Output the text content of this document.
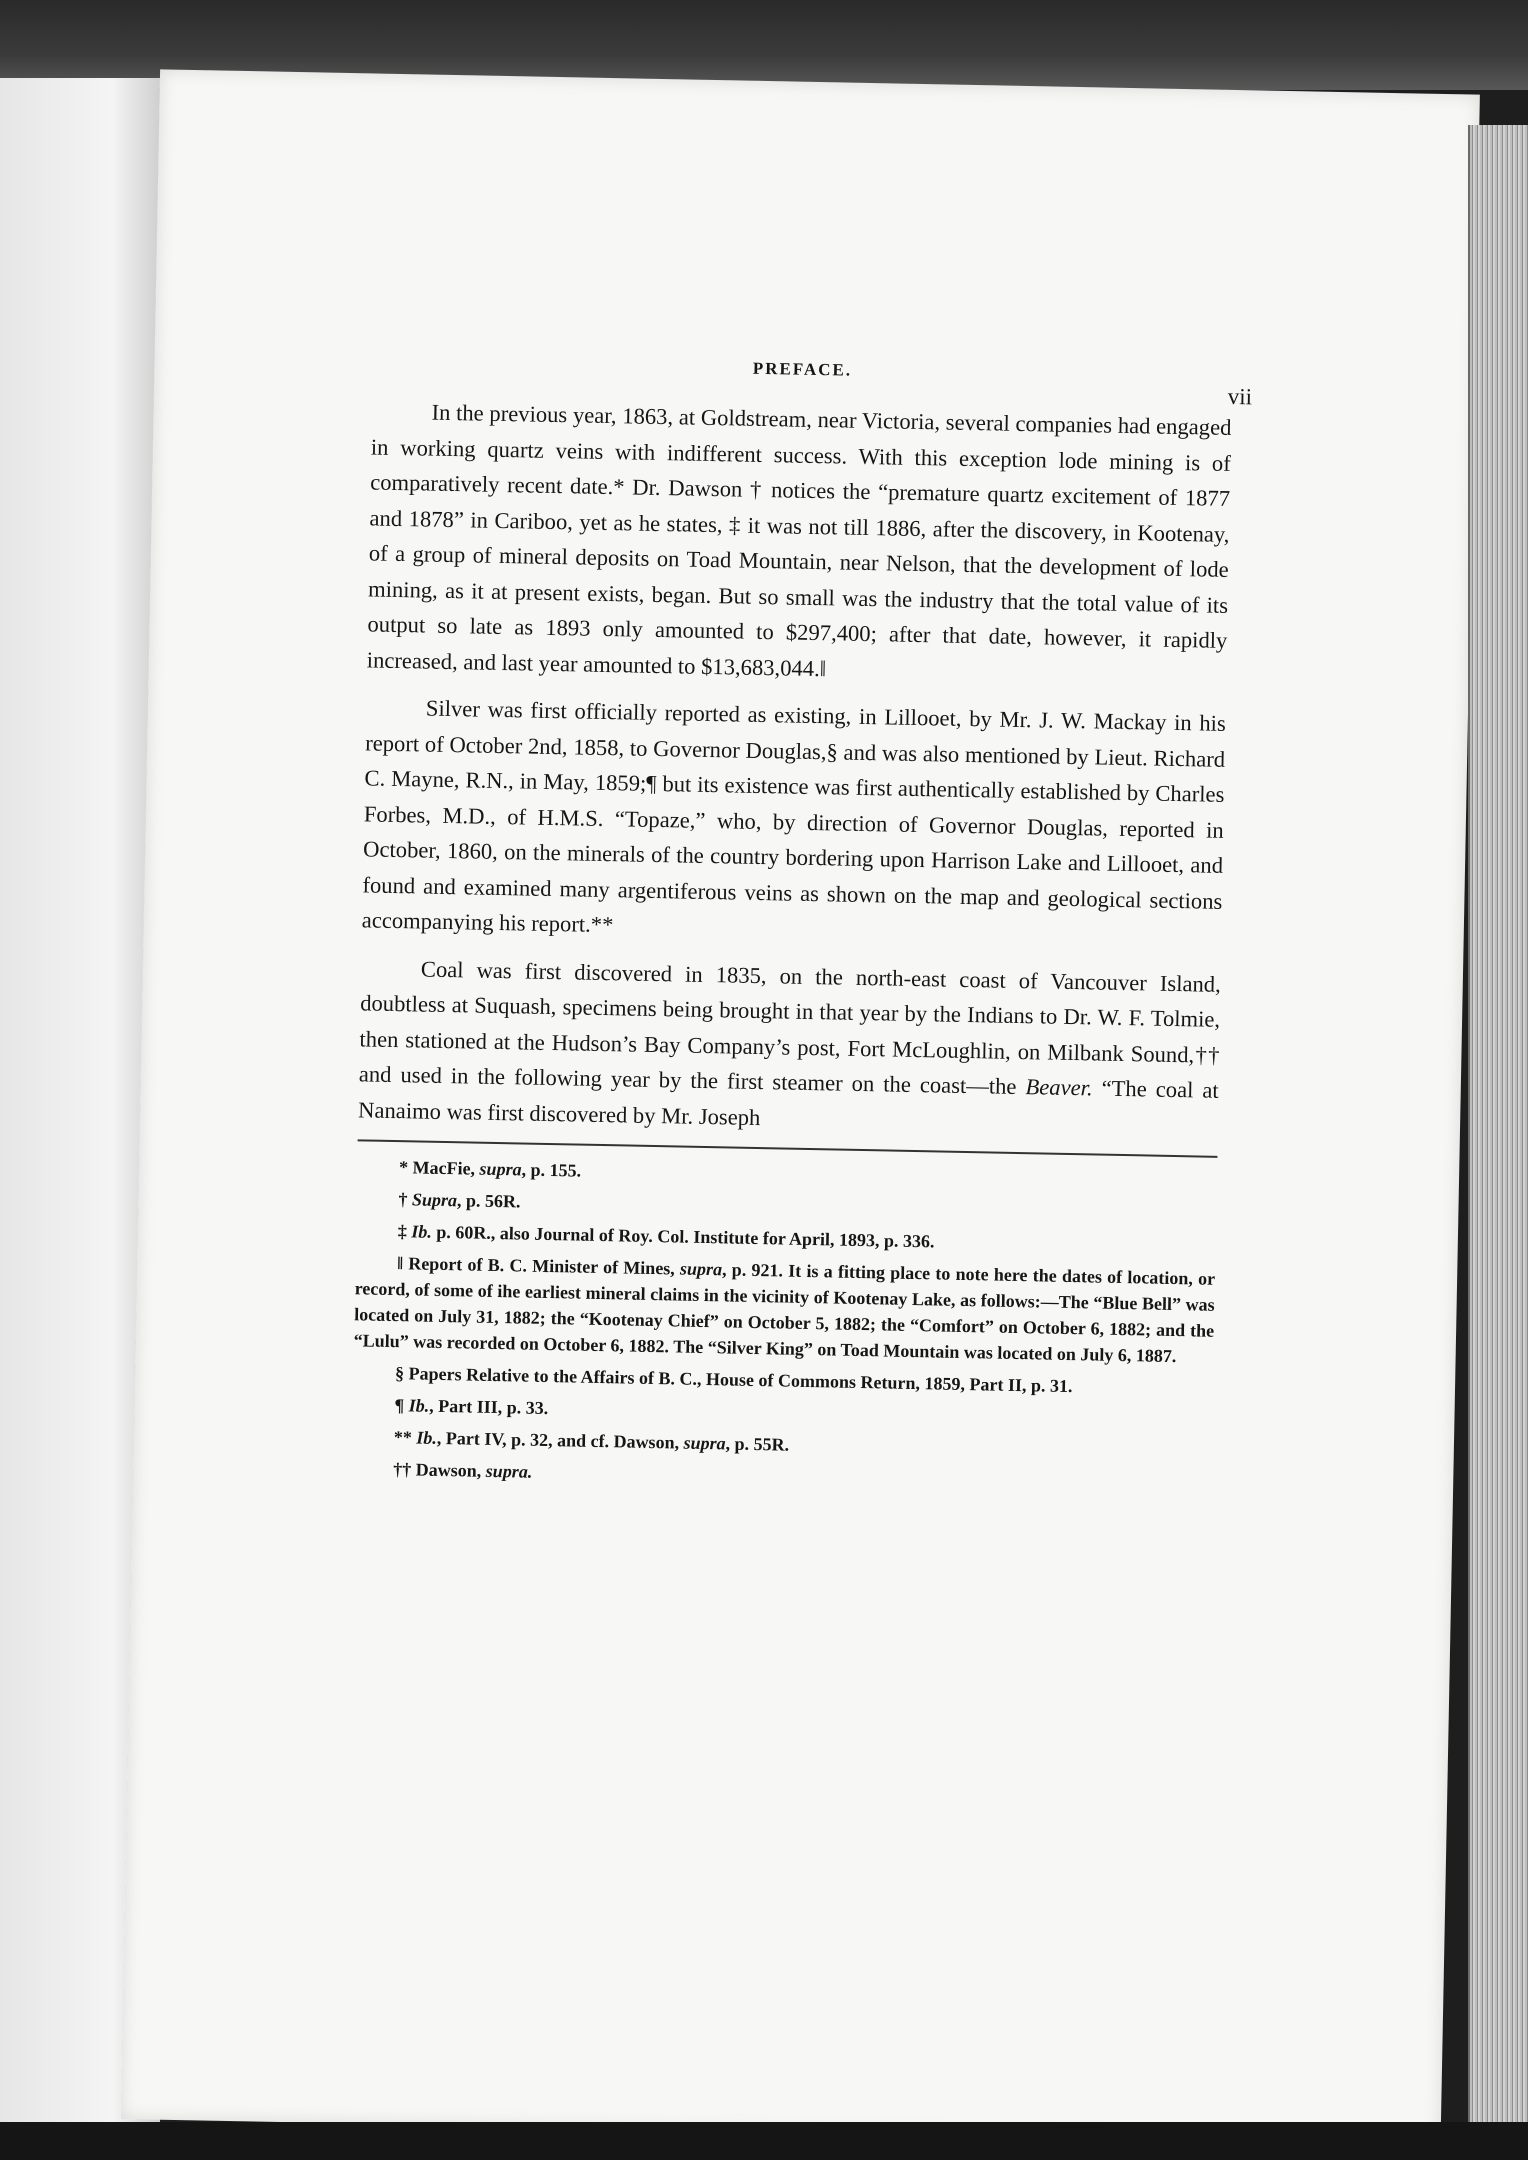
PREFACE.
vii

In the previous year, 1863, at Goldstream, near Victoria, several companies had engaged in working quartz veins with indifferent success. With this exception lode mining is of comparatively recent date.* Dr. Dawson † notices the “premature quartz excitement of 1877 and 1878” in Cariboo, yet as he states, ‡ it was not till 1886, after the discovery, in Kootenay, of a group of mineral deposits on Toad Mountain, near Nelson, that the development of lode mining, as it at present exists, began. But so small was the industry that the total value of its output so late as 1893 only amounted to $297,400; after that date, however, it rapidly increased, and last year amounted to $13,683,044.‖

Silver was first officially reported as existing, in Lillooet, by Mr. J. W. Mackay in his report of October 2nd, 1858, to Governor Douglas,§ and was also mentioned by Lieut. Richard C. Mayne, R.N., in May, 1859;¶ but its existence was first authentically established by Charles Forbes, M.D., of H.M.S. “Topaze,” who, by direction of Governor Douglas, reported in October, 1860, on the minerals of the country bordering upon Harrison Lake and Lillooet, and found and examined many argentiferous veins as shown on the map and geological sections accompanying his report.**

Coal was first discovered in 1835, on the north-east coast of Vancouver Island, doubtless at Suquash, specimens being brought in that year by the Indians to Dr. W. F. Tolmie, then stationed at the Hudson’s Bay Company’s post, Fort McLoughlin, on Milbank Sound,†† and used in the following year by the first steamer on the coast—the Beaver. “The coal at Nanaimo was first discovered by Mr. Joseph

* MacFie, supra, p. 155.

† Supra, p. 56R.

‡ Ib. p. 60R., also Journal of Roy. Col. Institute for April, 1893, p. 336.

‖ Report of B. C. Minister of Mines, supra, p. 921. It is a fitting place to note here the dates of location, or record, of some of ihe earliest mineral claims in the vicinity of Kootenay Lake, as follows:—The “Blue Bell” was located on July 31, 1882; the “Kootenay Chief” on October 5, 1882; the “Comfort” on October 6, 1882; and the “Lulu” was recorded on October 6, 1882. The “Silver King” on Toad Mountain was located on July 6, 1887.

§ Papers Relative to the Affairs of B. C., House of Commons Return, 1859, Part II, p. 31.

¶ Ib., Part III, p. 33.

** Ib., Part IV, p. 32, and cf. Dawson, supra, p. 55R.

†† Dawson, supra.
